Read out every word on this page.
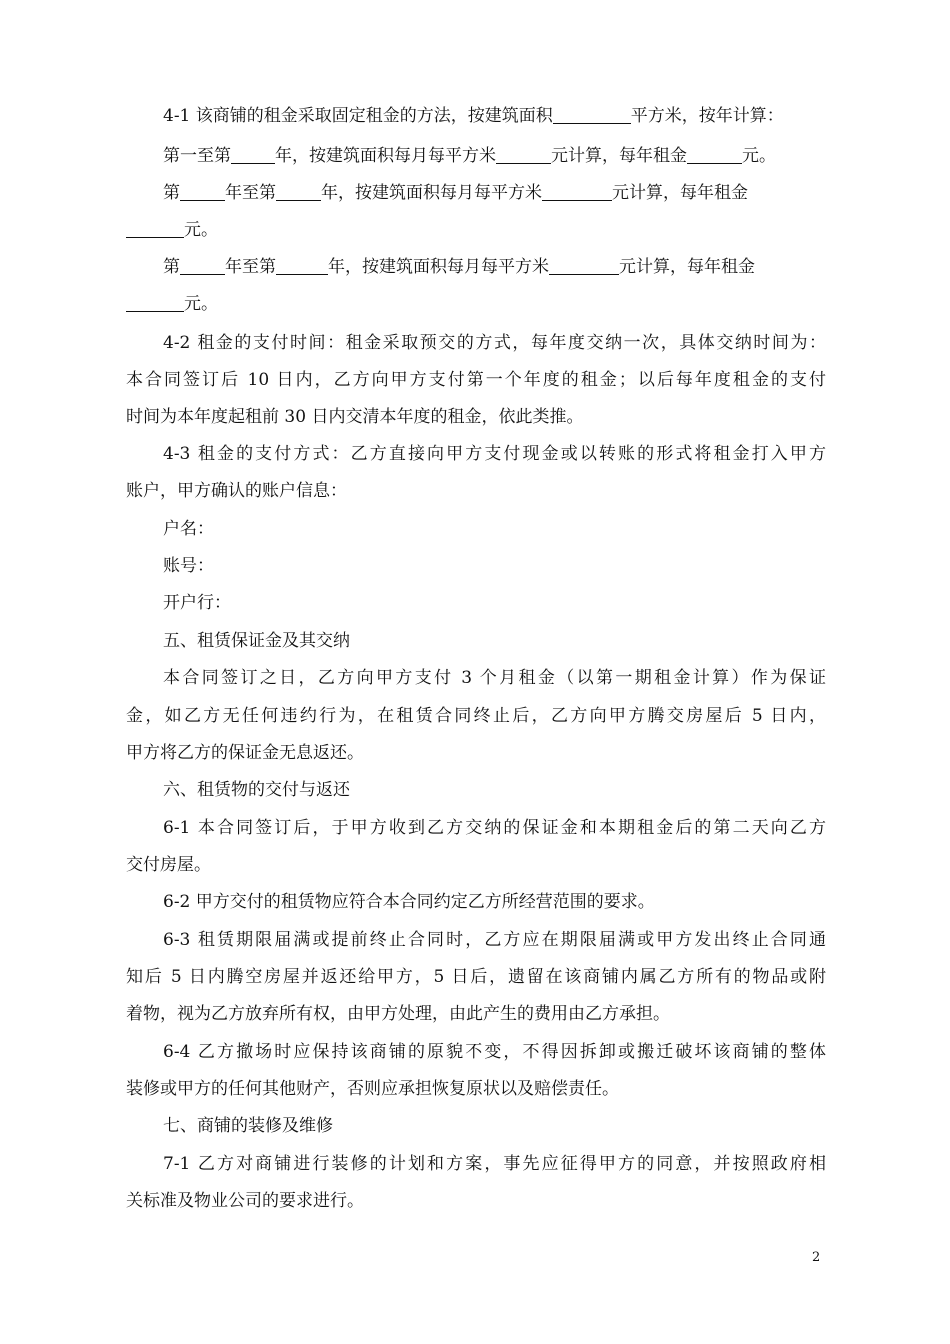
4-1 该商铺的租金采取固定租金的方法，按建筑面积	平方米，按年计算：

第一至第	年，按建筑面积每月每平方米	元计算，每年租金	元。

第	年至第	年，按建筑面积每月每平方米	元计算，每年租金

元。

第	年至第	年，按建筑面积每月每平方米	元计算，每年租金

元。

4-2 租金的支付时间：租金采取预交的方式，每年度交纳一次，具体交纳时间为：

本合同签订后 10 日内，乙方向甲方支付第一个年度的租金；以后每年度租金的支付

时间为本年度起租前 30 日内交清本年度的租金，依此类推。

4-3 租金的支付方式：乙方直接向甲方支付现金或以转账的形式将租金打入甲方

账户，甲方确认的账户信息：

户名：

账号：

开户行：

五、租赁保证金及其交纳

本合同签订之日，乙方向甲方支付 3 个月租金（以第一期租金计算）作为保证

金，如乙方无任何违约行为，在租赁合同终止后，乙方向甲方腾交房屋后 5 日内，

甲方将乙方的保证金无息返还。

六、租赁物的交付与返还

6-1 本合同签订后，于甲方收到乙方交纳的保证金和本期租金后的第二天向乙方

交付房屋。

6-2 甲方交付的租赁物应符合本合同约定乙方所经营范围的要求。

6-3 租赁期限届满或提前终止合同时，乙方应在期限届满或甲方发出终止合同通

知后 5 日内腾空房屋并返还给甲方，5 日后，遗留在该商铺内属乙方所有的物品或附

着物，视为乙方放弃所有权，由甲方处理，由此产生的费用由乙方承担。

6-4 乙方撤场时应保持该商铺的原貌不变，不得因拆卸或搬迁破坏该商铺的整体

装修或甲方的任何其他财产，否则应承担恢复原状以及赔偿责任。

七、商铺的装修及维修

7-1 乙方对商铺进行装修的计划和方案，事先应征得甲方的同意，并按照政府相

关标准及物业公司的要求进行。

2
